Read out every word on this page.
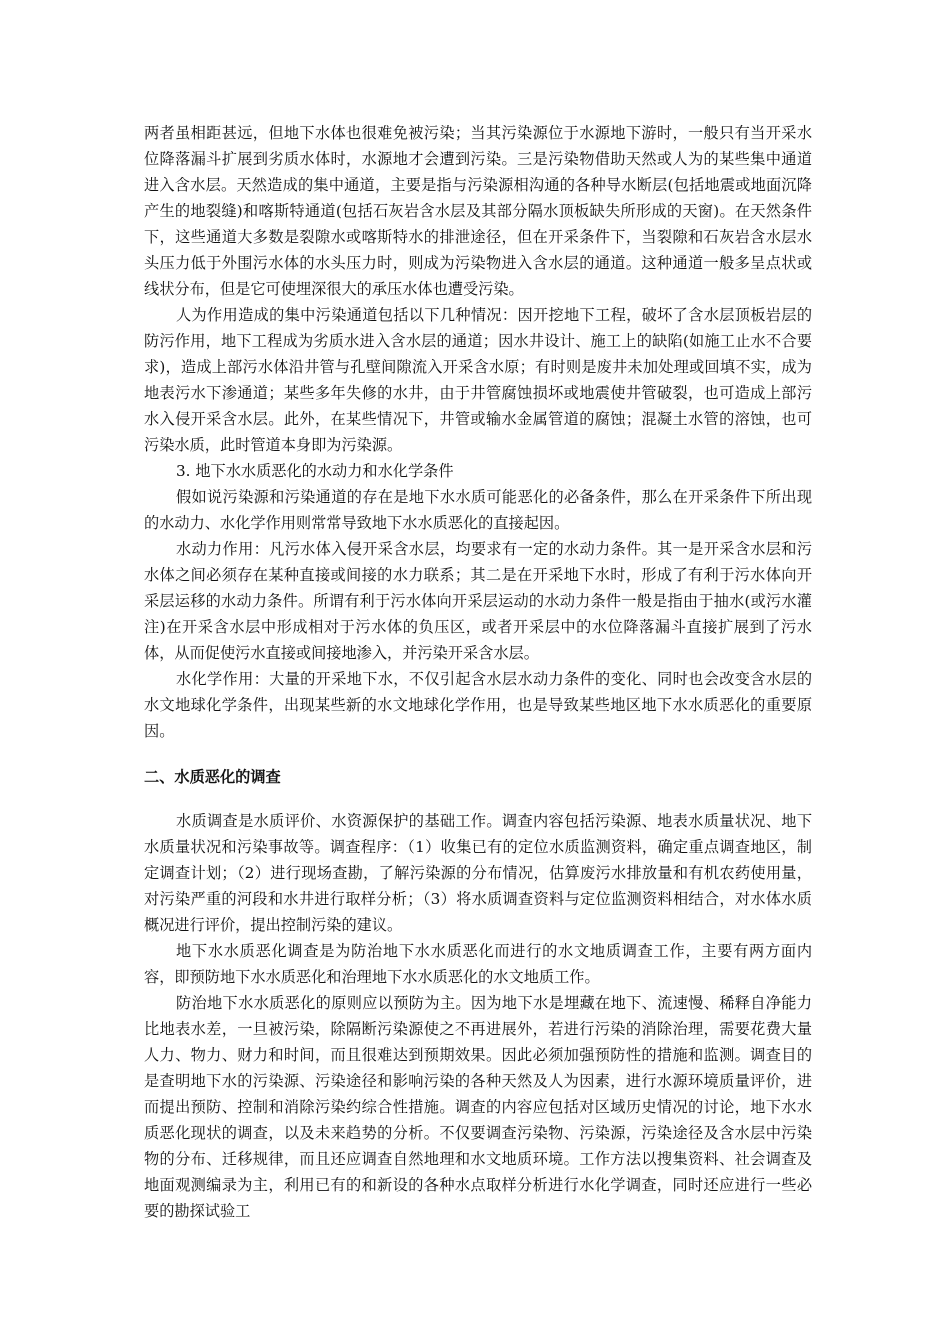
两者虽相距甚远，但地下水体也很难免被污染；当其污染源位于水源地下游时，一般只有当开采水位降落漏斗扩展到劣质水体时，水源地才会遭到污染。三是污染物借助天然或人为的某些集中通道进入含水层。天然造成的集中通道，主要是指与污染源相沟通的各种导水断层(包括地震或地面沉降产生的地裂缝)和喀斯特通道(包括石灰岩含水层及其部分隔水顶板缺失所形成的天窗)。在天然条件下，这些通道大多数是裂隙水或喀斯特水的排泄途径，但在开采条件下，当裂隙和石灰岩含水层水头压力低于外围污水体的水头压力时，则成为污染物进入含水层的通道。这种通道一般多呈点状或线状分布，但是它可使埋深很大的承压水体也遭受污染。

人为作用造成的集中污染通道包括以下几种情况：因开挖地下工程，破坏了含水层顶板岩层的防污作用，地下工程成为劣质水进入含水层的通道；因水井设计、施工上的缺陷(如施工止水不合要求)，造成上部污水体沿井管与孔壁间隙流入开采含水原；有时则是废井未加处理或回填不实，成为地表污水下渗通道；某些多年失修的水井，由于井管腐蚀损坏或地震使井管破裂，也可造成上部污水入侵开采含水层。此外，在某些情况下，井管或输水金属管道的腐蚀；混凝土水管的溶蚀，也可污染水质，此时管道本身即为污染源。

3. 地下水水质恶化的水动力和水化学条件

假如说污染源和污染通道的存在是地下水水质可能恶化的必备条件，那么在开采条件下所出现的水动力、水化学作用则常常导致地下水水质恶化的直接起因。

水动力作用：凡污水体入侵开采含水层，均要求有一定的水动力条件。其一是开采含水层和污水体之间必须存在某种直接或间接的水力联系；其二是在开采地下水时，形成了有利于污水体向开采层运移的水动力条件。所谓有利于污水体向开采层运动的水动力条件一般是指由于抽水(或污水灌注)在开采含水层中形成相对于污水体的负压区，或者开采层中的水位降落漏斗直接扩展到了污水体，从而促使污水直接或间接地渗入，并污染开采含水层。

水化学作用：大量的开采地下水，不仅引起含水层水动力条件的变化、同时也会改变含水层的水文地球化学条件，出现某些新的水文地球化学作用，也是导致某些地区地下水水质恶化的重要原因。

二、水质恶化的调查

水质调查是水质评价、水资源保护的基础工作。调查内容包括污染源、地表水质量状况、地下水质量状况和污染事故等。调查程序：（1）收集已有的定位水质监测资料，确定重点调查地区，制定调查计划；（2）进行现场查勘，了解污染源的分布情况，估算废污水排放量和有机农药使用量，对污染严重的河段和水井进行取样分析；（3）将水质调查资料与定位监测资料相结合，对水体水质概况进行评价，提出控制污染的建议。

地下水水质恶化调查是为防治地下水水质恶化而进行的水文地质调查工作，主要有两方面内容，即预防地下水水质恶化和治理地下水水质恶化的水文地质工作。

防治地下水水质恶化的原则应以预防为主。因为地下水是埋藏在地下、流速慢、稀释自净能力比地表水差，一旦被污染，除隔断污染源使之不再进展外，若进行污染的消除治理，需要花费大量人力、物力、财力和时间，而且很难达到预期效果。因此必须加强预防性的措施和监测。调查目的是查明地下水的污染源、污染途径和影响污染的各种天然及人为因素，进行水源环境质量评价，进而提出预防、控制和消除污染约综合性措施。调查的内容应包括对区域历史情况的讨论，地下水水质恶化现状的调查，以及未来趋势的分析。不仅要调查污染物、污染源，污染途径及含水层中污染物的分布、迁移规律，而且还应调查自然地理和水文地质环境。工作方法以搜集资料、社会调查及地面观测编录为主，利用已有的和新设的各种水点取样分析进行水化学调查，同时还应进行一些必要的勘探试验工
